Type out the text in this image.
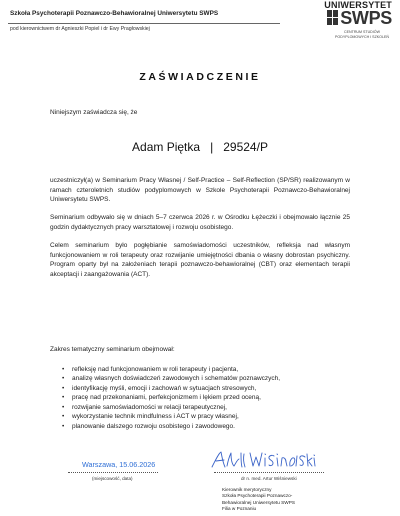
Szkoła Psychoterapii Poznawczo-Behawioralnej Uniwersytetu SWPS
pod kierownictwem dr Agnieszki Popiel i dr Ewy Pragłowskiej
UNIWERSYTET
SWPS
CENTRUM STUDIÓW
PODYPLOMOWYCH I SZKOLEŃ
ZAŚWIADCZENIE
Niniejszym zaświadcza się, że
Adam Piętka | 29524/P
uczestniczył(a) w Seminarium Pracy Własnej / Self-Practice – Self-Reflection (SP/SR) realizowanym w ramach czteroletnich studiów podyplomowych w Szkole Psychoterapii Poznawczo-Behawioralnej Uniwersytetu SWPS.
Seminarium odbywało się w dniach 5–7 czerwca 2026 r. w Ośrodku Łężeczki i obejmowało łącznie 25 godzin dydaktycznych pracy warsztatowej i rozwoju osobistego.
Celem seminarium było pogłębianie samoświadomości uczestników, refleksja nad własnym funkcjonowaniem w roli terapeuty oraz rozwijanie umiejętności dbania o własny dobrostan psychiczny. Program oparty był na założeniach terapii poznawczo-behawioralnej (CBT) oraz elementach terapii akceptacji i zaangażowania (ACT).
Zakres tematyczny seminarium obejmował:
• refleksję nad funkcjonowaniem w roli terapeuty i pacjenta,
• analizę własnych doświadczeń zawodowych i schematów poznawczych,
• identyfikację myśli, emocji i zachowań w sytuacjach stresowych,
• pracę nad przekonaniami, perfekcjonizmem i lękiem przed oceną,
• rozwijanie samoświadomości w relacji terapeutycznej,
• wykorzystanie technik mindfulness i ACT w pracy własnej,
• planowanie dalszego rozwoju osobistego i zawodowego.
Warszawa, 15.06.2026
(miejscowość, data)	dr n. med. Artur Wiśniewski
Kierownik merytoryczny
Szkoła Psychoterapii Poznawczo-
Behawioralnej Uniwersytetu SWPS
Filia w Poznaniu
